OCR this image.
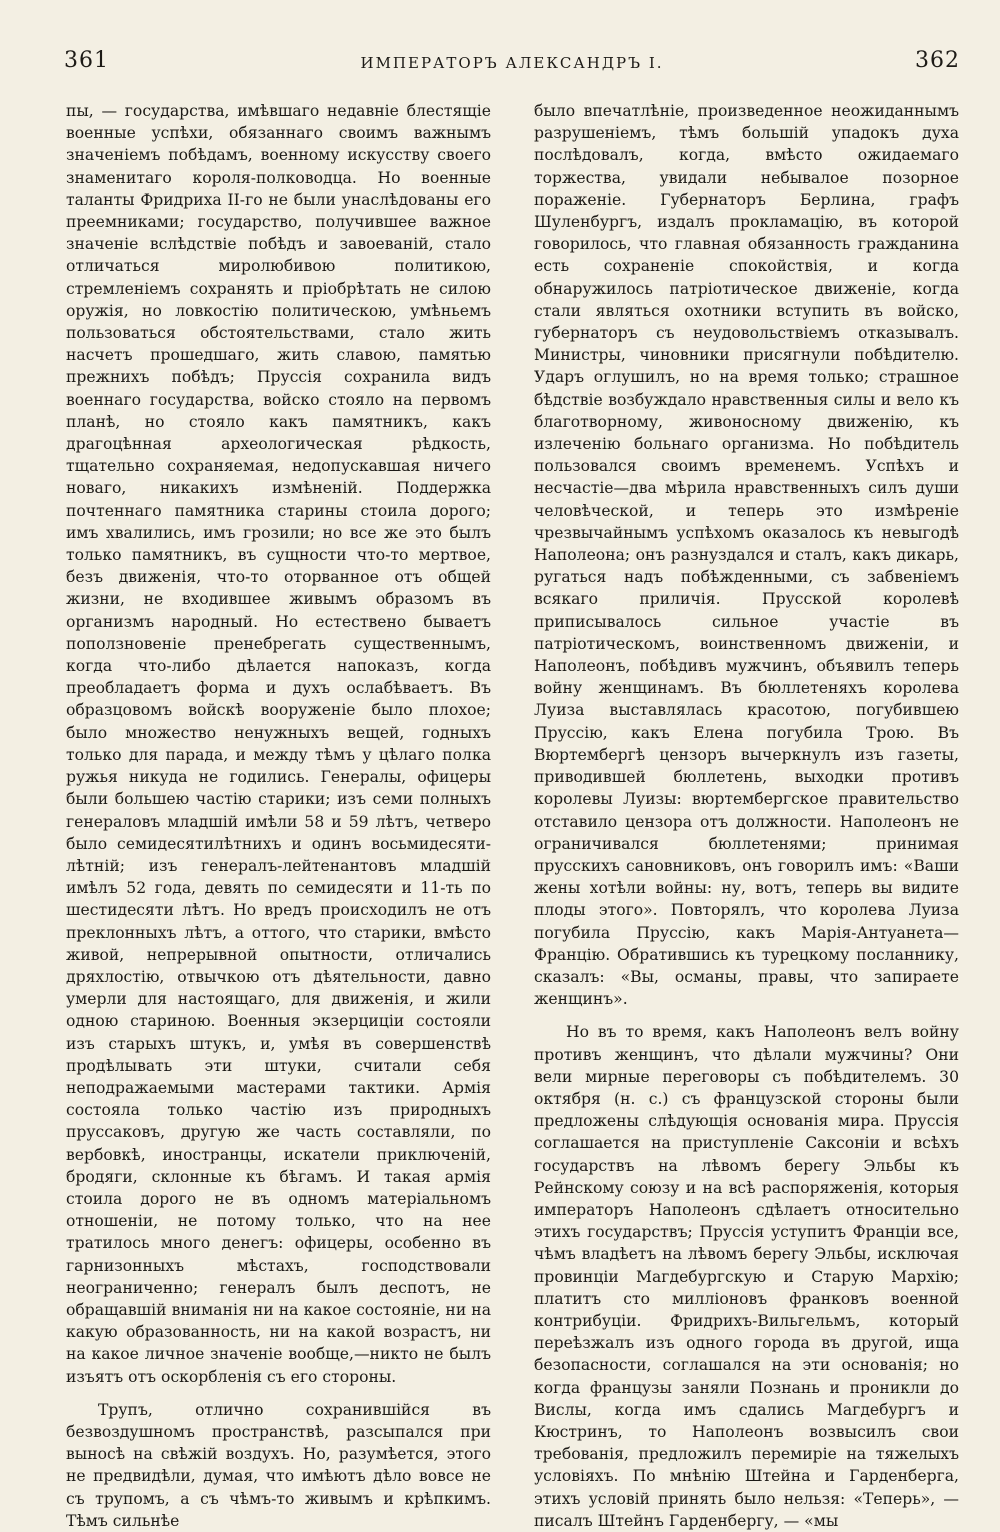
361	ИМПЕРАТОРЪ АЛЕКСАНДРЪ I.	362

пы, — государства, имѣвшаго недавніе блестящіе военные успѣхи, обязаннаго своимъ важнымъ значеніемъ побѣдамъ, военному искусству своего знаменитаго короля-полководца. Но военные таланты Фридриха II-го не были унаслѣдованы его преемниками; государство, получившее важное значеніе вслѣдствіе побѣдъ и завоеваній, стало отличаться миролюбивою политикою, стремленіемъ сохранять и пріобрѣтать не силою оружія, но ловкостію политическою, умѣньемъ пользоваться обстоятельствами, стало жить насчетъ прошедшаго, жить славою, памятью прежнихъ побѣдъ; Пруссія сохранила видъ военнаго государства, войско стояло на первомъ планѣ, но стояло какъ памятникъ, какъ драгоцѣнная археологическая рѣдкость, тщательно сохраняемая, недопускавшая ничего новаго, никакихъ измѣненій. Поддержка почтеннаго памятника старины стоила дорого; имъ хвалились, имъ грозили; но все же это былъ только памятникъ, въ сущности что-то мертвое, безъ движенія, что-то оторванное отъ общей жизни, не входившее живымъ образомъ въ организмъ народный. Но естествено бываетъ поползновеніе пренебрегать существеннымъ, когда что-либо дѣлается напоказъ, когда преобладаетъ форма и духъ ослабѣваетъ. Въ образцовомъ войскѣ вооруженіе было плохое; было множество ненужныхъ вещей, годныхъ только для парада, и между тѣмъ у цѣлаго полка ружья никуда не годились. Генералы, офицеры были большею частію старики; изъ семи полныхъ генераловъ младшій имѣли 58 и 59 лѣтъ, четверо было семидесятилѣтнихъ и одинъ восьмидесяти-лѣтній; изъ генералъ-лейтенантовъ младшій имѣлъ 52 года, девять по семидесяти и 11-ть по шестидесяти лѣтъ. Но вредъ происходилъ не отъ преклонныхъ лѣтъ, а оттого, что старики, вмѣсто живой, непрерывной опытности, отличались дряхлостію, отвычкою отъ дѣятельности, давно умерли для настоящаго, для движенія, и жили одною стариною. Военныя экзерциціи состояли изъ старыхъ штукъ, и, умѣя въ совершенствѣ продѣлывать эти штуки, считали себя неподражаемыми мастерами тактики. Армія состояла только частію изъ природныхъ пруссаковъ, другую же часть составляли, по вербовкѣ, иностранцы, искатели приключеній, бродяги, склонные къ бѣгамъ. И такая армія стоила дорого не въ одномъ матеріальномъ отношеніи, не потому только, что на нее тратилось много денегъ: офицеры, особенно въ гарнизонныхъ мѣстахъ, господствовали неограниченно; генералъ былъ деспотъ, не обращавшій вниманія ни на какое состояніе, ни на какую образованность, ни на какой возрастъ, ни на какое личное значеніе вообще,—никто не былъ изъятъ отъ оскорбленія съ его стороны.

Трупъ, отлично сохранившійся въ безвоздушномъ пространствѣ, разсыпался при выносѣ на свѣжій воздухъ. Но, разумѣется, этого не предвидѣли, думая, что имѣютъ дѣло вовсе не съ трупомъ, а съ чѣмъ-то живымъ и крѣпкимъ. Тѣмъ сильнѣе

было впечатлѣніе, произведенное неожиданнымъ разрушеніемъ, тѣмъ большій упадокъ духа послѣдовалъ, когда, вмѣсто ожидаемаго торжества, увидали небывалое позорное пораженіе. Губернаторъ Берлина, графъ Шуленбургъ, издалъ прокламацію, въ которой говорилось, что главная обязанность гражданина есть сохраненіе спокойствія, и когда обнаружилось патріотическое движеніе, когда стали являться охотники вступить въ войско, губернаторъ съ неудовольствіемъ отказывалъ. Министры, чиновники присягнули побѣдителю. Ударъ оглушилъ, но на время только; страшное бѣдствіе возбуждало нравственныя силы и вело къ благотворному, живоносному движенію, къ излеченію больнаго организма. Но побѣдитель пользовался своимъ временемъ. Успѣхъ и несчастіе—два мѣрила нравственныхъ силъ души человѣческой, и теперь это измѣреніе чрезвычайнымъ успѣхомъ оказалось къ невыгодѣ Наполеона; онъ разнуздался и сталъ, какъ дикарь, ругаться надъ побѣжденными, съ забвеніемъ всякаго приличія. Прусской королевѣ приписывалось сильное участіе въ патріотическомъ, воинственномъ движеніи, и Наполеонъ, побѣдивъ мужчинъ, объявилъ теперь войну женщинамъ. Въ бюллетеняхъ королева Луиза выставлялась красотою, погубившею Пруссію, какъ Елена погубила Трою. Въ Вюртембергѣ цензоръ вычеркнулъ изъ газеты, приводившей бюллетень, выходки противъ королевы Луизы: вюртембергское правительство отставило цензора отъ должности. Наполеонъ не ограничивался бюллетенями; принимая прусскихъ сановниковъ, онъ говорилъ имъ: «Ваши жены хотѣли войны: ну, вотъ, теперь вы видите плоды этого». Повторялъ, что королева Луиза погубила Пруссію, какъ Марія-Антуанета—Францію. Обратившись къ турецкому посланнику, сказалъ: «Вы, османы, правы, что запираете женщинъ».

Но въ то время, какъ Наполеонъ велъ войну противъ женщинъ, что дѣлали мужчины? Они вели мирные переговоры съ побѣдителемъ. 30 октября (н. с.) съ французской стороны были предложены слѣдующія основанія мира. Пруссія соглашается на приступленіе Саксоніи и всѣхъ государствъ на лѣвомъ берегу Эльбы къ Рейнскому союзу и на всѣ распоряженія, которыя императоръ Наполеонъ сдѣлаетъ относительно этихъ государствъ; Пруссія уступитъ Франціи все, чѣмъ владѣетъ на лѣвомъ берегу Эльбы, исключая провинціи Магдебургскую и Старую Мархію; платитъ сто милліоновъ франковъ военной контрибуціи. Фридрихъ-Вильгельмъ, который переѣзжалъ изъ одного города въ другой, ища безопасности, соглашался на эти основанія; но когда французы заняли Познань и проникли до Вислы, когда имъ сдались Магдебургъ и Кюстринъ, то Наполеонъ возвысилъ свои требованія, предложилъ перемиріе на тяжелыхъ условіяхъ. По мнѣнію Штейна и Гарденберга, этихъ условій принять было нельзя: «Теперь», — писалъ Штейнъ Гарденбергу, — «мы
